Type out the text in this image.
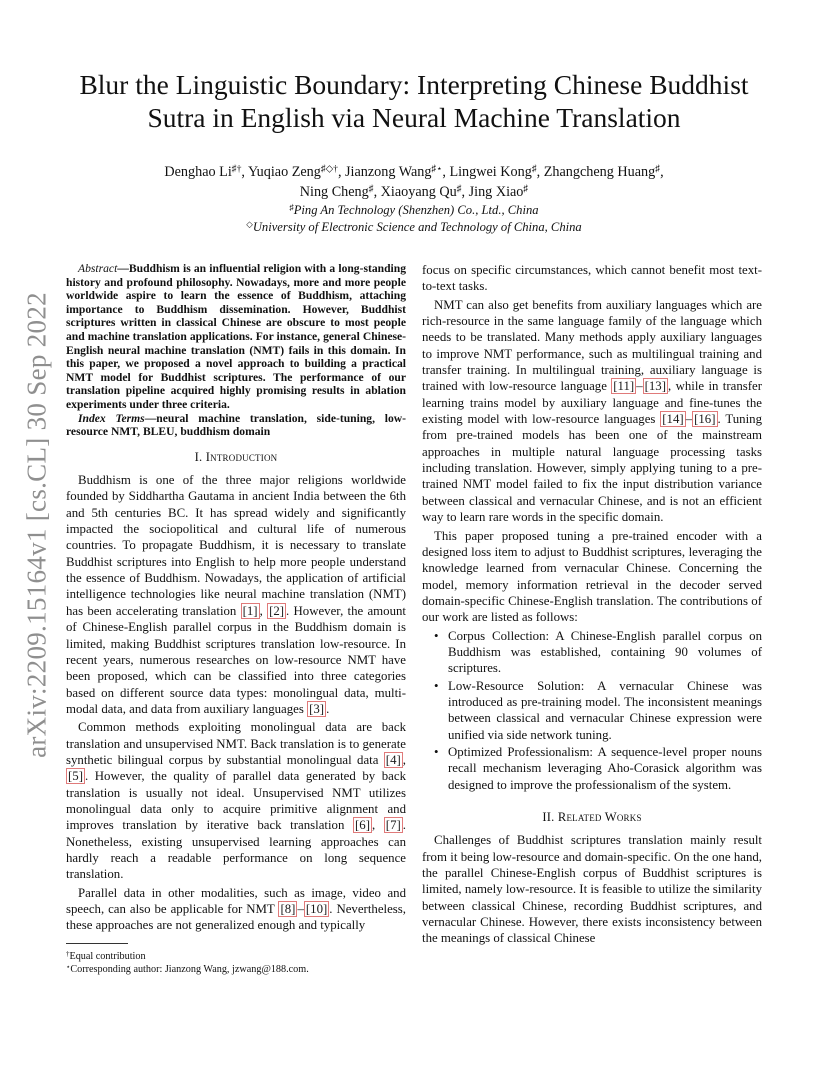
arXiv:2209.15164v1 [cs.CL] 30 Sep 2022
Blur the Linguistic Boundary: Interpreting Chinese Buddhist
Sutra in English via Neural Machine Translation
Denghao Li♯†, Yuqiao Zeng♯◇†, Jianzong Wang♯⋆, Lingwei Kong♯, Zhangcheng Huang♯,
Ning Cheng♯, Xiaoyang Qu♯, Jing Xiao♯
♯Ping An Technology (Shenzhen) Co., Ltd., China
◇University of Electronic Science and Technology of China, China

Abstract—Buddhism is an influential religion with a long-standing history and profound philosophy. Nowadays, more and more people worldwide aspire to learn the essence of Buddhism, attaching importance to Buddhism dissemination. However, Buddhist scriptures written in classical Chinese are obscure to most people and machine translation applications. For instance, general Chinese-English neural machine translation (NMT) fails in this domain. In this paper, we proposed a novel approach to building a practical NMT model for Buddhist scriptures. The performance of our translation pipeline acquired highly promising results in ablation experiments under three criteria.

Index Terms—neural machine translation, side-tuning, low-resource NMT, BLEU, buddhism domain

I. Introduction

Buddhism is one of the three major religions worldwide founded by Siddhartha Gautama in ancient India between the 6th and 5th centuries BC. It has spread widely and significantly impacted the sociopolitical and cultural life of numerous countries. To propagate Buddhism, it is necessary to translate Buddhist scriptures into English to help more people understand the essence of Buddhism. Nowadays, the application of artificial intelligence technologies like neural machine translation (NMT) has been accelerating translation [1] , [2] . However, the amount of Chinese-English parallel corpus in the Buddhism domain is limited, making Buddhist scriptures translation low-resource. In recent years, numerous researches on low-resource NMT have been proposed, which can be classified into three categories based on different source data types: monolingual data, multi-modal data, and data from auxiliary languages [3] .

Common methods exploiting monolingual data are back translation and unsupervised NMT. Back translation is to generate synthetic bilingual corpus by substantial monolingual data [4] , [5] . However, the quality of parallel data generated by back translation is usually not ideal. Unsupervised NMT utilizes monolingual data only to acquire primitive alignment and improves translation by iterative back translation [6] , [7] . Nonetheless, existing unsupervised learning approaches can hardly reach a readable performance on long sequence translation.

Parallel data in other modalities, such as image, video and speech, can also be applicable for NMT [8] – [10] . Nevertheless, these approaches are not generalized enough and typically

†Equal contribution
⋆Corresponding author: Jianzong Wang, jzwang@188.com.

focus on specific circumstances, which cannot benefit most text-to-text tasks.

NMT can also get benefits from auxiliary languages which are rich-resource in the same language family of the language which needs to be translated. Many methods apply auxiliary languages to improve NMT performance, such as multilingual training and transfer training. In multilingual training, auxiliary language is trained with low-resource language [11] – [13] , while in transfer learning trains model by auxiliary language and fine-tunes the existing model with low-resource languages [14] – [16] . Tuning from pre-trained models has been one of the mainstream approaches in multiple natural language processing tasks including translation. However, simply applying tuning to a pre-trained NMT model failed to fix the input distribution variance between classical and vernacular Chinese, and is not an efficient way to learn rare words in the specific domain.

This paper proposed tuning a pre-trained encoder with a designed loss item to adjust to Buddhist scriptures, leveraging the knowledge learned from vernacular Chinese. Concerning the model, memory information retrieval in the decoder served domain-specific Chinese-English translation. The contributions of our work are listed as follows:

• Corpus Collection: A Chinese-English parallel corpus on Buddhism was established, containing 90 volumes of scriptures.
• Low-Resource Solution: A vernacular Chinese was introduced as pre-training model. The inconsistent meanings between classical and vernacular Chinese expression were unified via side network tuning.
• Optimized Professionalism: A sequence-level proper nouns recall mechanism leveraging Aho-Corasick algorithm was designed to improve the professionalism of the system.
II. Related Works

Challenges of Buddhist scriptures translation mainly result from it being low-resource and domain-specific. On the one hand, the parallel Chinese-English corpus of Buddhist scriptures is limited, namely low-resource. It is feasible to utilize the similarity between classical Chinese, recording Buddhist scriptures, and vernacular Chinese. However, there exists inconsistency between the meanings of classical Chinese
